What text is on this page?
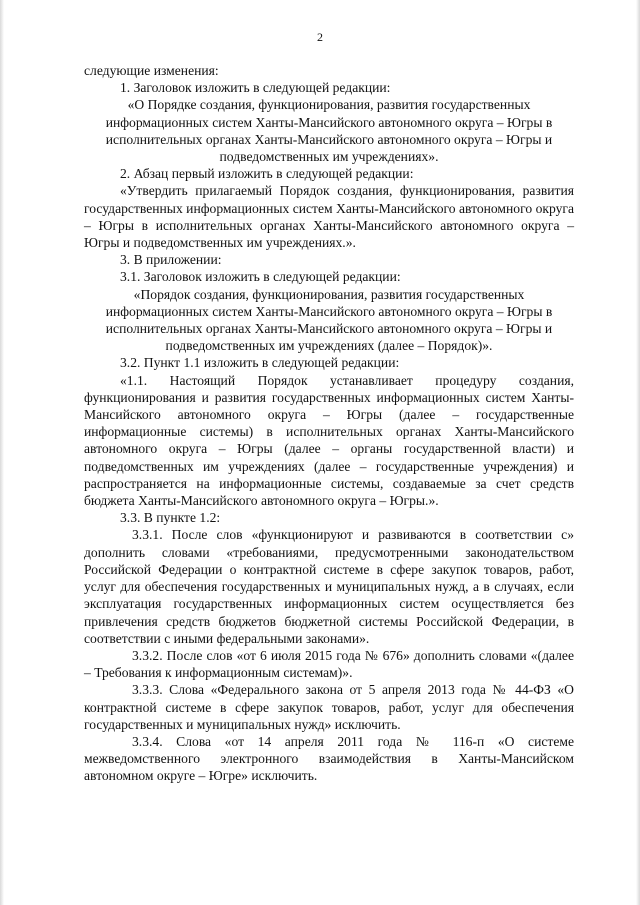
2

следующие изменения:

1. Заголовок изложить в следующей редакции:

«О Порядке создания, функционирования, развития государственных информационных систем Ханты-Мансийского автономного округа – Югры в исполнительных органах Ханты-Мансийского автономного округа – Югры и подведомственных им учреждениях».

2. Абзац первый изложить в следующей редакции:

«Утвердить прилагаемый Порядок создания, функционирования, развития государственных информационных систем Ханты-Мансийского автономного округа – Югры в исполнительных органах Ханты-Мансийского автономного округа – Югры и подведомственных им учреждениях.».

3. В приложении:

3.1. Заголовок изложить в следующей редакции:

«Порядок создания, функционирования, развития государственных информационных систем Ханты-Мансийского автономного округа – Югры в исполнительных органах Ханты-Мансийского автономного округа – Югры и подведомственных им учреждениях (далее – Порядок)».

3.2. Пункт 1.1 изложить в следующей редакции:

«1.1. Настоящий Порядок устанавливает процедуру создания, функционирования и развития государственных информационных систем Ханты-Мансийского автономного округа – Югры (далее – государственные информационные системы) в исполнительных органах Ханты-Мансийского автономного округа – Югры (далее – органы государственной власти) и подведомственных им учреждениях (далее – государственные учреждения) и распространяется на информационные системы, создаваемые за счет средств бюджета Ханты-Мансийского автономного округа – Югры.».

3.3. В пункте 1.2:

3.3.1. После слов «функционируют и развиваются в соответствии с» дополнить словами «требованиями, предусмотренными законодательством Российской Федерации о контрактной системе в сфере закупок товаров, работ, услуг для обеспечения государственных и муниципальных нужд, а в случаях, если эксплуатация государственных информационных систем осуществляется без привлечения средств бюджетов бюджетной системы Российской Федерации, в соответствии с иными федеральными законами».

3.3.2. После слов «от 6 июля 2015 года № 676» дополнить словами «(далее – Требования к информационным системам)».

3.3.3. Слова «Федерального закона от 5 апреля 2013 года № 44-ФЗ «О контрактной системе в сфере закупок товаров, работ, услуг для обеспечения государственных и муниципальных нужд» исключить.

3.3.4. Слова «от 14 апреля 2011 года № 116-п «О системе межведомственного электронного взаимодействия в Ханты-Мансийском автономном округе – Югре» исключить.
